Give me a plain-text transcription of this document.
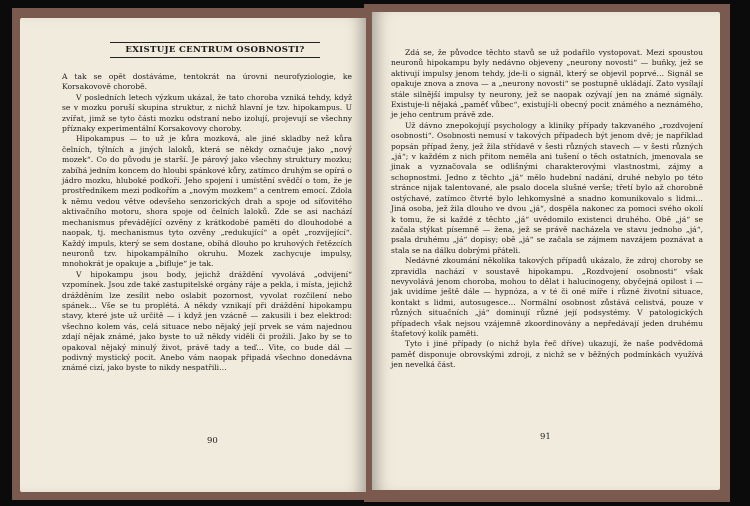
EXISTUJE CENTRUM OSOBNOSTI?

A tak se opět dostáváme, tentokrát na úrovni neurofyziologie, ke Korsakovově chorobě.

V posledních letech výzkum ukázal, že tato choroba vzniká tehdy, když se v mozku poruší skupina struktur, z nichž hlavní je tzv. hipokampus. U zvířat, jimž se tyto části mozku odstraní nebo izolují, projevují se všechny příznaky experimentální Korsakovovy choroby.

Hipokampus — to už je kůra mozková, ale jiné skladby než kůra čelních, týlních a jiných laloků, která se někdy označuje jako „nový mozek“. Co do původu je starší. Je párový jako všechny struktury mozku; zabíhá jedním koncem do hloubi spánkové kůry, zatímco druhým se opírá o jádro mozku, hluboké podkoří. Jeho spojení i umístění svědčí o tom, že je prostředníkem mezi podkořím a „novým mozkem“ a centrem emocí. Zdola k němu vedou větve odevšeho senzorických drah a spoje od síťovitého aktivačního motoru, shora spoje od čelních laloků. Zde se asi nachází mechanismus převádějící ozvěny z krátkodobé paměti do dlouhodobé a naopak, tj. mechanismus tyto ozvěny „redukující“ a opět „rozvíjející“. Každý impuls, který se sem dostane, obíhá dlouho po kruhových řetězcích neuronů tzv. hipokampálního okruhu. Mozek zachycuje impulsy, mnohokrát je opakuje a „bifluje“ je tak.

V hipokampu jsou body, jejichž dráždění vyvolává „odvijení“ vzpomínek. Jsou zde také zastupitelské orgány ráje a pekla, i místa, jejichž drážděním lze zesílit nebo oslabit pozornost, vyvolat rozčilení nebo spánek… Vše se tu proplétá. A někdy vznikají při dráždění hipokampu stavy, které jste už určitě — i když jen vzácně — zakusili i bez elektrod: všechno kolem vás, celá situace nebo nějaký její prvek se vám najednou zdají nějak známé, jako byste to už někdy viděli či prožili. Jako by se to opakoval nějaký minulý život, právě tady a teď… Vite, co bude dál — podivný mystický pocit. Anebo vám naopak připadá všechno donedávna známé cizí, jako byste to nikdy nespatřili…

90

Zdá se, že původce těchto stavů se už podařilo vystopovat. Mezi spoustou neuronů hipokampu byly nedávno objeveny „neurony novosti“ — buňky, jež se aktivují impulsy jenom tehdy, jde-li o signál, který se objevil poprvé… Signál se opakuje znova a znova — a „neurony novosti“ se postupně ukládají. Zato vysílají stále silnější impulsy ty neurony, jež se naopak ozývají jen na známé signály. Existuje-li nějaká „paměť vůbec“, existují-li obecný pocit známého a neznámého, je jeho centrum právě zde.

Už dávno znepokojují psychology a kliniky případy takzvaného „rozdvojení osobnosti“. Osobnosti nemusí v takových případech být jenom dvě; je například popsán případ ženy, jež žila střídavě v šesti různých stavech — v šesti různých „já“; v každém z nich přitom neměla ani tušení o těch ostatních, jmenovala se jinak a vyznačovala se odlišnými charakterovými vlastnostmi, zájmy a schopnostmi. Jedno z těchto „já“ mělo hudební nadání, druhé nebylo po této stránce nijak talentované, ale psalo docela slušné verše; třetí bylo až chorobně ostýchavé, zatímco čtvrté bylo lehkomyslné a snadno komunikovalo s lidmi… Jiná osoba, jež žila dlouho ve dvou „já“, dospěla nakonec za pomoci svého okolí k tomu, že si každé z těchto „já“ uvědomilo existenci druhého. Obě „já“ se začala stýkat písemně — žena, jež se právě nacházela ve stavu jednoho „já“, psala druhému „já“ dopisy; obě „já“ se začala se zájmem navzájem poznávat a stala se na dálku dobrými přáteli.

Nedávné zkoumání několika takových případů ukázalo, že zdroj choroby se zpravidla nachází v soustavě hipokampu. „Rozdvojení osobnosti“ však nevyvolává jenom choroba, mohou to dělat i halucinogeny, obyčejná opilost i — jak uvidíme ještě dále — hypnóza, a v té či oné míře i různé životní situace, kontakt s lidmi, autosugesce… Normální osobnost zůstává celistvá, pouze v různých situačních „já“ dominují různé její podsystémy. V patologických případech však nejsou vzájemně zkoordinovány a nepředávají jeden druhému štafetový kolík paměti.

Tyto i jiné případy (o nichž byla řeč dříve) ukazují, že naše podvědomá paměť disponuje obrovskými zdroji, z nichž se v běžných podmínkách využívá jen nevelká část.

91
